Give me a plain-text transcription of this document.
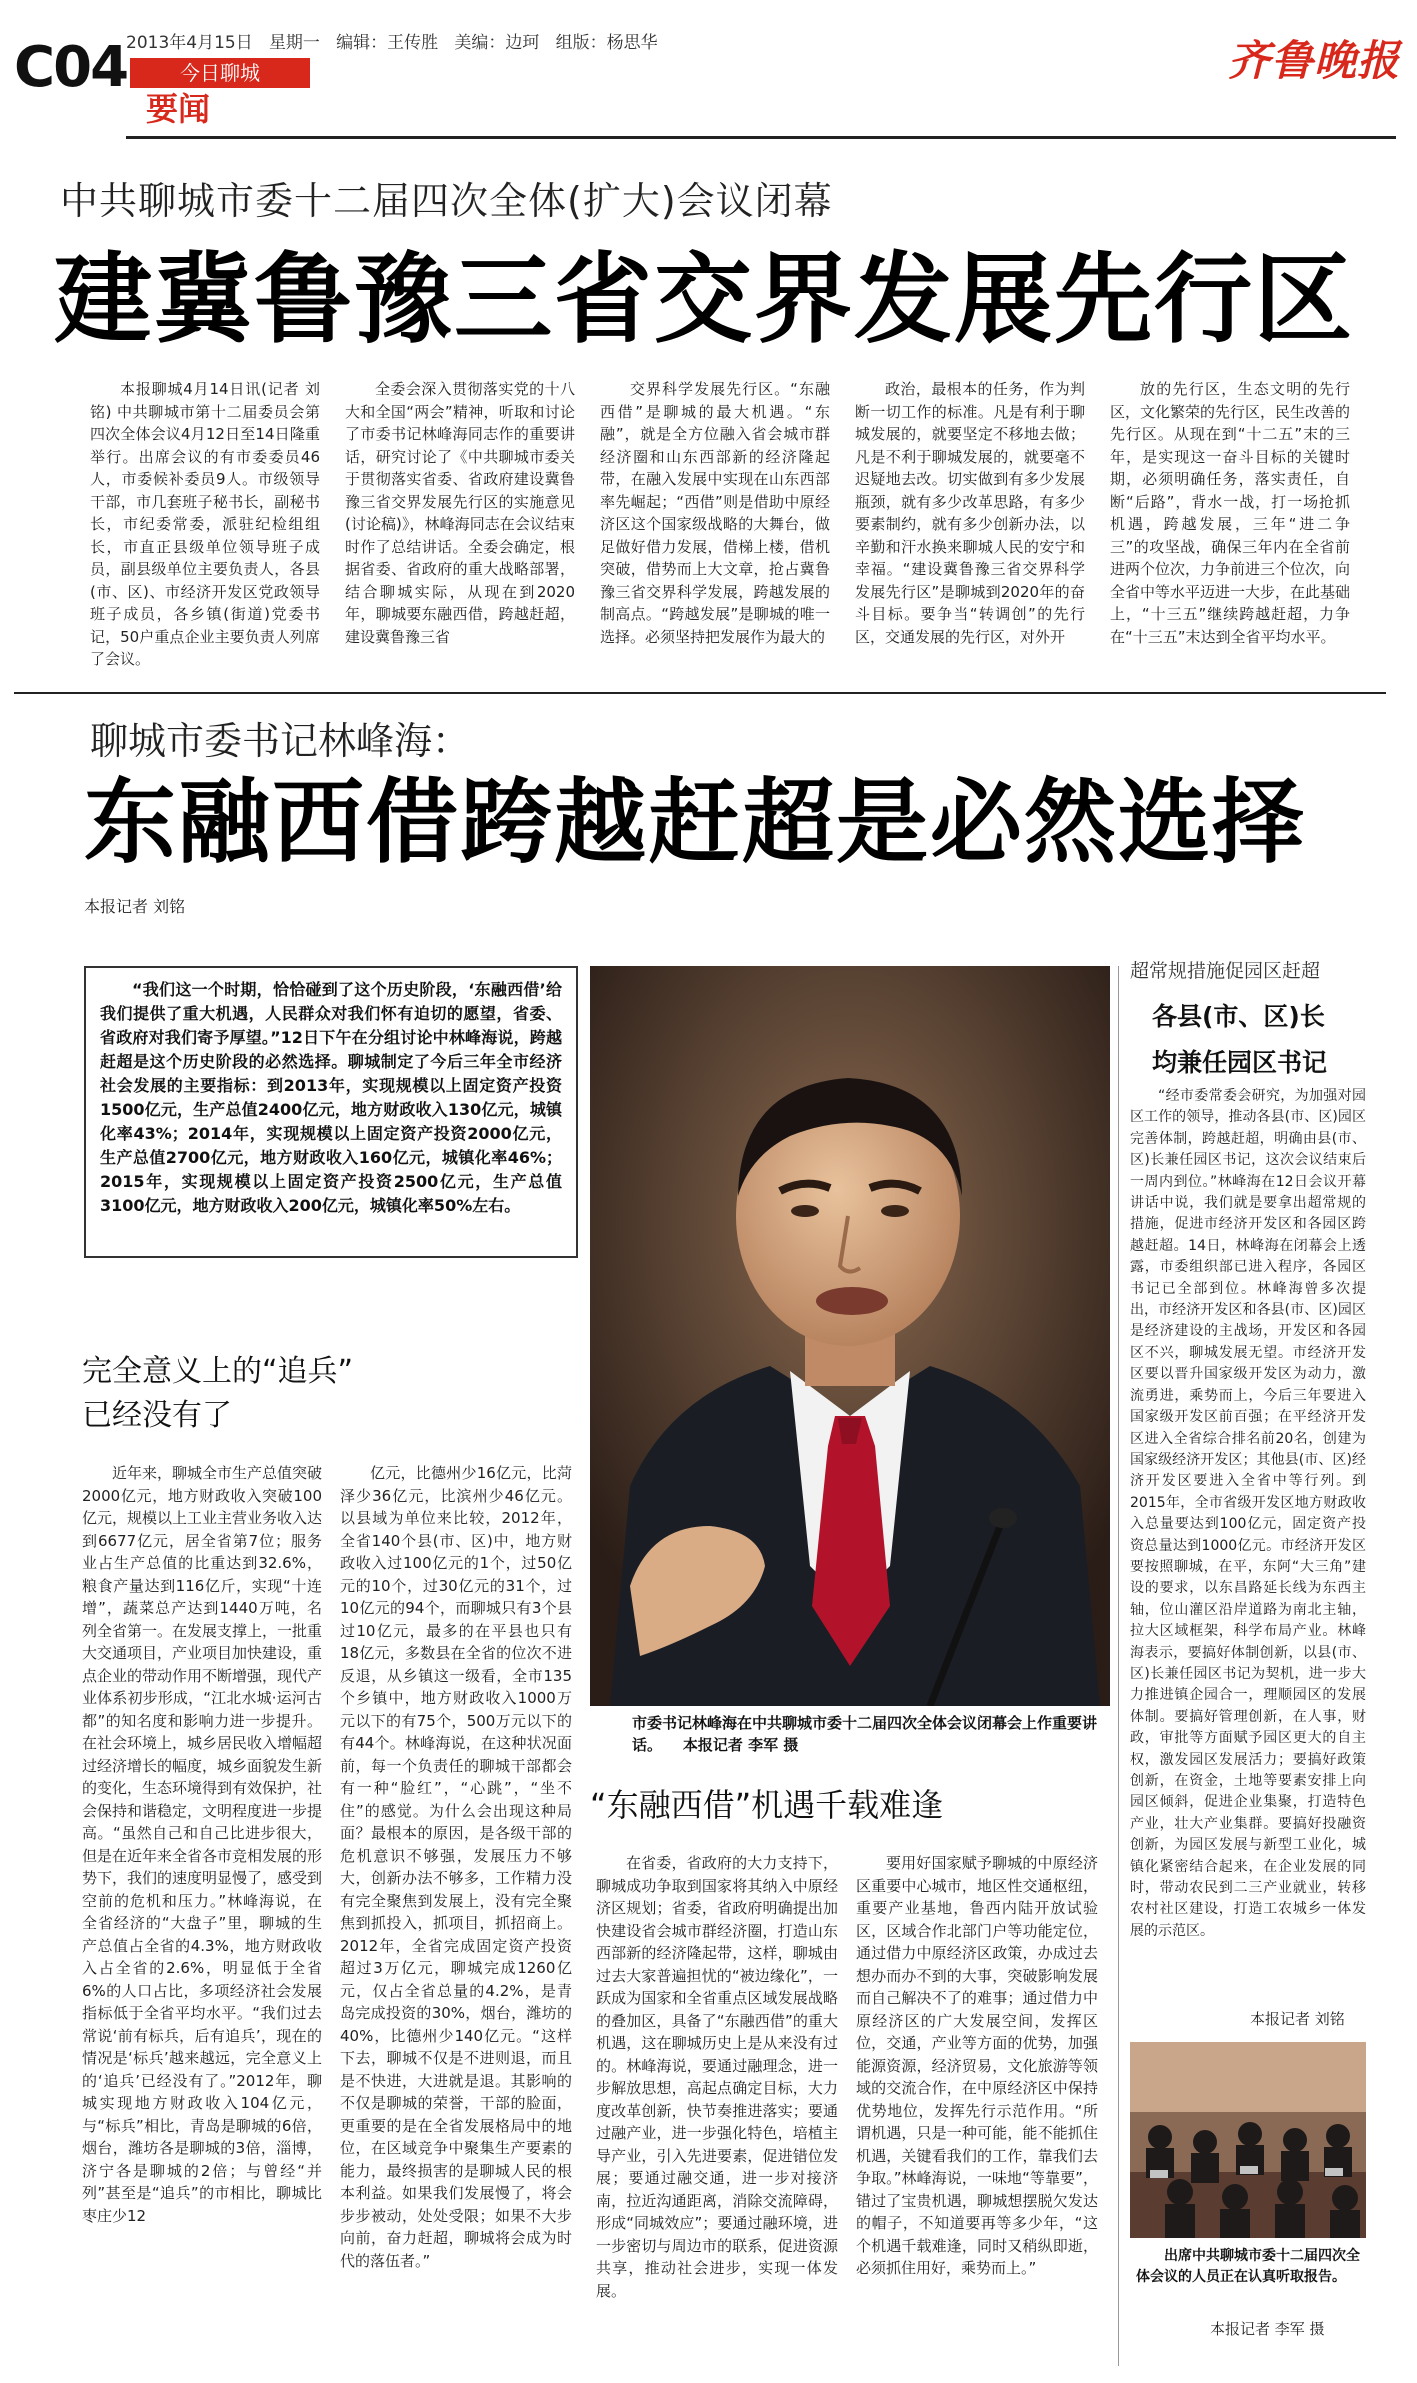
C04
2013年4月15日 星期一 编辑：王传胜 美编：边珂 组版：杨思华
今日聊城
要闻
齐鲁晚报
中共聊城市委十二届四次全体(扩大)会议闭幕
建冀鲁豫三省交界发展先行区

本报聊城4月14日讯(记者 刘铭) 中共聊城市第十二届委员会第四次全体会议4月12日至14日隆重举行。出席会议的有市委委员46人，市委候补委员9人。市级领导干部，市几套班子秘书长，副秘书长，市纪委常委，派驻纪检组组长，市直正县级单位领导班子成员，副县级单位主要负责人，各县(市、区)、市经济开发区党政领导班子成员，各乡镇(街道)党委书记，50户重点企业主要负责人列席了会议。

全委会深入贯彻落实党的十八大和全国“两会”精神，听取和讨论了市委书记林峰海同志作的重要讲话，研究讨论了《中共聊城市委关于贯彻落实省委、省政府建设冀鲁豫三省交界发展先行区的实施意见(讨论稿)》，林峰海同志在会议结束时作了总结讲话。全委会确定，根据省委、省政府的重大战略部署，结合聊城实际，从现在到2020年，聊城要东融西借，跨越赶超，建设冀鲁豫三省

交界科学发展先行区。“东融西借”是聊城的最大机遇。“东融”，就是全方位融入省会城市群经济圈和山东西部新的经济隆起带，在融入发展中实现在山东西部率先崛起；“西借”则是借助中原经济区这个国家级战略的大舞台，做足做好借力发展，借梯上楼，借机突破，借势而上大文章，抢占冀鲁豫三省交界科学发展，跨越发展的制高点。“跨越发展”是聊城的唯一选择。必须坚持把发展作为最大的

政治，最根本的任务，作为判断一切工作的标准。凡是有利于聊城发展的，就要坚定不移地去做；凡是不利于聊城发展的，就要毫不迟疑地去改。切实做到有多少发展瓶颈，就有多少改革思路，有多少要素制约，就有多少创新办法，以辛勤和汗水换来聊城人民的安宁和幸福。“建设冀鲁豫三省交界科学发展先行区”是聊城到2020年的奋斗目标。要争当“转调创”的先行区，交通发展的先行区，对外开

放的先行区，生态文明的先行区，文化繁荣的先行区，民生改善的先行区。从现在到“十二五”末的三年，是实现这一奋斗目标的关键时期，必须明确任务，落实责任，自断“后路”，背水一战，打一场抢抓机遇，跨越发展，三年“进二争三”的攻坚战，确保三年内在全省前进两个位次，力争前进三个位次，向全省中等水平迈进一大步，在此基础上，“十三五”继续跨越赶超，力争在“十三五”末达到全省平均水平。

聊城市委书记林峰海：
东融西借跨越赶超是必然选择
本报记者 刘铭

“我们这一个时期，恰恰碰到了这个历史阶段，‘东融西借’给我们提供了重大机遇，人民群众对我们怀有迫切的愿望，省委、省政府对我们寄予厚望。”12日下午在分组讨论中林峰海说，跨越赶超是这个历史阶段的必然选择。聊城制定了今后三年全市经济社会发展的主要指标：到2013年，实现规模以上固定资产投资1500亿元，生产总值2400亿元，地方财政收入130亿元，城镇化率43%；2014年，实现规模以上固定资产投资2000亿元，生产总值2700亿元，地方财政收入160亿元，城镇化率46%；2015年，实现规模以上固定资产投资2500亿元，生产总值3100亿元，地方财政收入200亿元，城镇化率50%左右。

完全意义上的“追兵”
已经没有了

近年来，聊城全市生产总值突破2000亿元，地方财政收入突破100亿元，规模以上工业主营业务收入达到6677亿元，居全省第7位；服务业占生产总值的比重达到32.6%，粮食产量达到116亿斤，实现“十连增”，蔬菜总产达到1440万吨，名列全省第一。在发展支撑上，一批重大交通项目，产业项目加快建设，重点企业的带动作用不断增强，现代产业体系初步形成，“江北水城·运河古都”的知名度和影响力进一步提升。在社会环境上，城乡居民收入增幅超过经济增长的幅度，城乡面貌发生新的变化，生态环境得到有效保护，社会保持和谐稳定，文明程度进一步提高。“虽然自己和自己比进步很大，但是在近年来全省各市竞相发展的形势下，我们的速度明显慢了，感受到空前的危机和压力。”林峰海说，在全省经济的“大盘子”里，聊城的生产总值占全省的4.3%，地方财政收入占全省的2.6%，明显低于全省6%的人口占比，多项经济社会发展指标低于全省平均水平。“我们过去常说‘前有标兵，后有追兵’，现在的情况是‘标兵’越来越远，完全意义上的‘追兵’已经没有了。”2012年，聊城实现地方财政收入104亿元，与“标兵”相比，青岛是聊城的6倍，烟台，潍坊各是聊城的3倍，淄博，济宁各是聊城的2倍；与曾经“并列”甚至是“追兵”的市相比，聊城比枣庄少12

亿元，比德州少16亿元，比菏泽少36亿元，比滨州少46亿元。以县域为单位来比较，2012年，全省140个县(市、区)中，地方财政收入过100亿元的1个，过50亿元的10个，过30亿元的31个，过10亿元的94个，而聊城只有3个县过10亿元，最多的在平县也只有18亿元，多数县在全省的位次不进反退，从乡镇这一级看，全市135个乡镇中，地方财政收入1000万元以下的有75个，500万元以下的有44个。林峰海说，在这种状况面前，每一个负责任的聊城干部都会有一种“脸红”，“心跳”，“坐不住”的感觉。为什么会出现这种局面？最根本的原因，是各级干部的危机意识不够强，发展压力不够大，创新办法不够多，工作精力没有完全聚焦到发展上，没有完全聚焦到抓投入，抓项目，抓招商上。2012年，全省完成固定资产投资超过3万亿元，聊城完成1260亿元，仅占全省总量的4.2%，是青岛完成投资的30%，烟台，潍坊的40%，比德州少140亿元。“这样下去，聊城不仅是不进则退，而且是不快进，大进就是退。其影响的不仅是聊城的荣誉，干部的脸面，更重要的是在全省发展格局中的地位，在区域竞争中聚集生产要素的能力，最终损害的是聊城人民的根本利益。如果我们发展慢了，将会步步被动，处处受限；如果不大步向前，奋力赶超，聊城将会成为时代的落伍者。”

市委书记林峰海在中共聊城市委十二届四次全体会议闭幕会上作重要讲话。 本报记者 李军 摄
“东融西借”机遇千载难逢

在省委，省政府的大力支持下，聊城成功争取到国家将其纳入中原经济区规划；省委，省政府明确提出加快建设省会城市群经济圈，打造山东西部新的经济隆起带，这样，聊城由过去大家普遍担忧的“被边缘化”，一跃成为国家和全省重点区域发展战略的叠加区，具备了“东融西借”的重大机遇，这在聊城历史上是从来没有过的。林峰海说，要通过融理念，进一步解放思想，高起点确定目标，大力度改革创新，快节奏推进落实；要通过融产业，进一步强化特色，培植主导产业，引入先进要素，促进错位发展；要通过融交通，进一步对接济南，拉近沟通距离，消除交流障碍，形成“同城效应”；要通过融环境，进一步密切与周边市的联系，促进资源共享，推动社会进步，实现一体发展。

要用好国家赋予聊城的中原经济区重要中心城市，地区性交通枢纽，重要产业基地，鲁西内陆开放试验区，区域合作北部门户等功能定位，通过借力中原经济区政策，办成过去想办而办不到的大事，突破影响发展而自己解决不了的难事；通过借力中原经济区的广大发展空间，发挥区位，交通，产业等方面的优势，加强能源资源，经济贸易，文化旅游等领域的交流合作，在中原经济区中保持优势地位，发挥先行示范作用。“所谓机遇，只是一种可能，能不能抓住机遇，关键看我们的工作，靠我们去争取。”林峰海说，一味地“等靠要”，错过了宝贵机遇，聊城想摆脱欠发达的帽子，不知道要再等多少年，“这个机遇千载难逢，同时又稍纵即逝，必须抓住用好，乘势而上。”

超常规措施促园区赶超
各县(市、区)长
均兼任园区书记

“经市委常委会研究，为加强对园区工作的领导，推动各县(市、区)园区完善体制，跨越赶超，明确由县(市、区)长兼任园区书记，这次会议结束后一周内到位。”林峰海在12日会议开幕讲话中说，我们就是要拿出超常规的措施，促进市经济开发区和各园区跨越赶超。14日，林峰海在闭幕会上透露，市委组织部已进入程序，各园区书记已全部到位。林峰海曾多次提出，市经济开发区和各县(市、区)园区是经济建设的主战场，开发区和各园区不兴，聊城发展无望。市经济开发区要以晋升国家级开发区为动力，激流勇进，乘势而上，今后三年要进入国家级开发区前百强；在平经济开发区进入全省综合排名前20名，创建为国家级经济开发区；其他县(市、区)经济开发区要进入全省中等行列。到2015年，全市省级开发区地方财政收入总量要达到100亿元，固定资产投资总量达到1000亿元。市经济开发区要按照聊城，在平，东阿“大三角”建设的要求，以东昌路延长线为东西主轴，位山灌区沿岸道路为南北主轴，拉大区域框架，科学布局产业。林峰海表示，要搞好体制创新，以县(市、区)长兼任园区书记为契机，进一步大力推进镇企园合一，理顺园区的发展体制。要搞好管理创新，在人事，财政，审批等方面赋予园区更大的自主权，激发园区发展活力；要搞好政策创新，在资金，土地等要素安排上向园区倾斜，促进企业集聚，打造特色产业，壮大产业集群。要搞好投融资创新，为园区发展与新型工业化，城镇化紧密结合起来，在企业发展的同时，带动农民到二三产业就业，转移农村社区建设，打造工农城乡一体发展的示范区。

本报记者 刘铭
出席中共聊城市委十二届四次全体会议的人员正在认真听取报告。
本报记者 李军 摄
